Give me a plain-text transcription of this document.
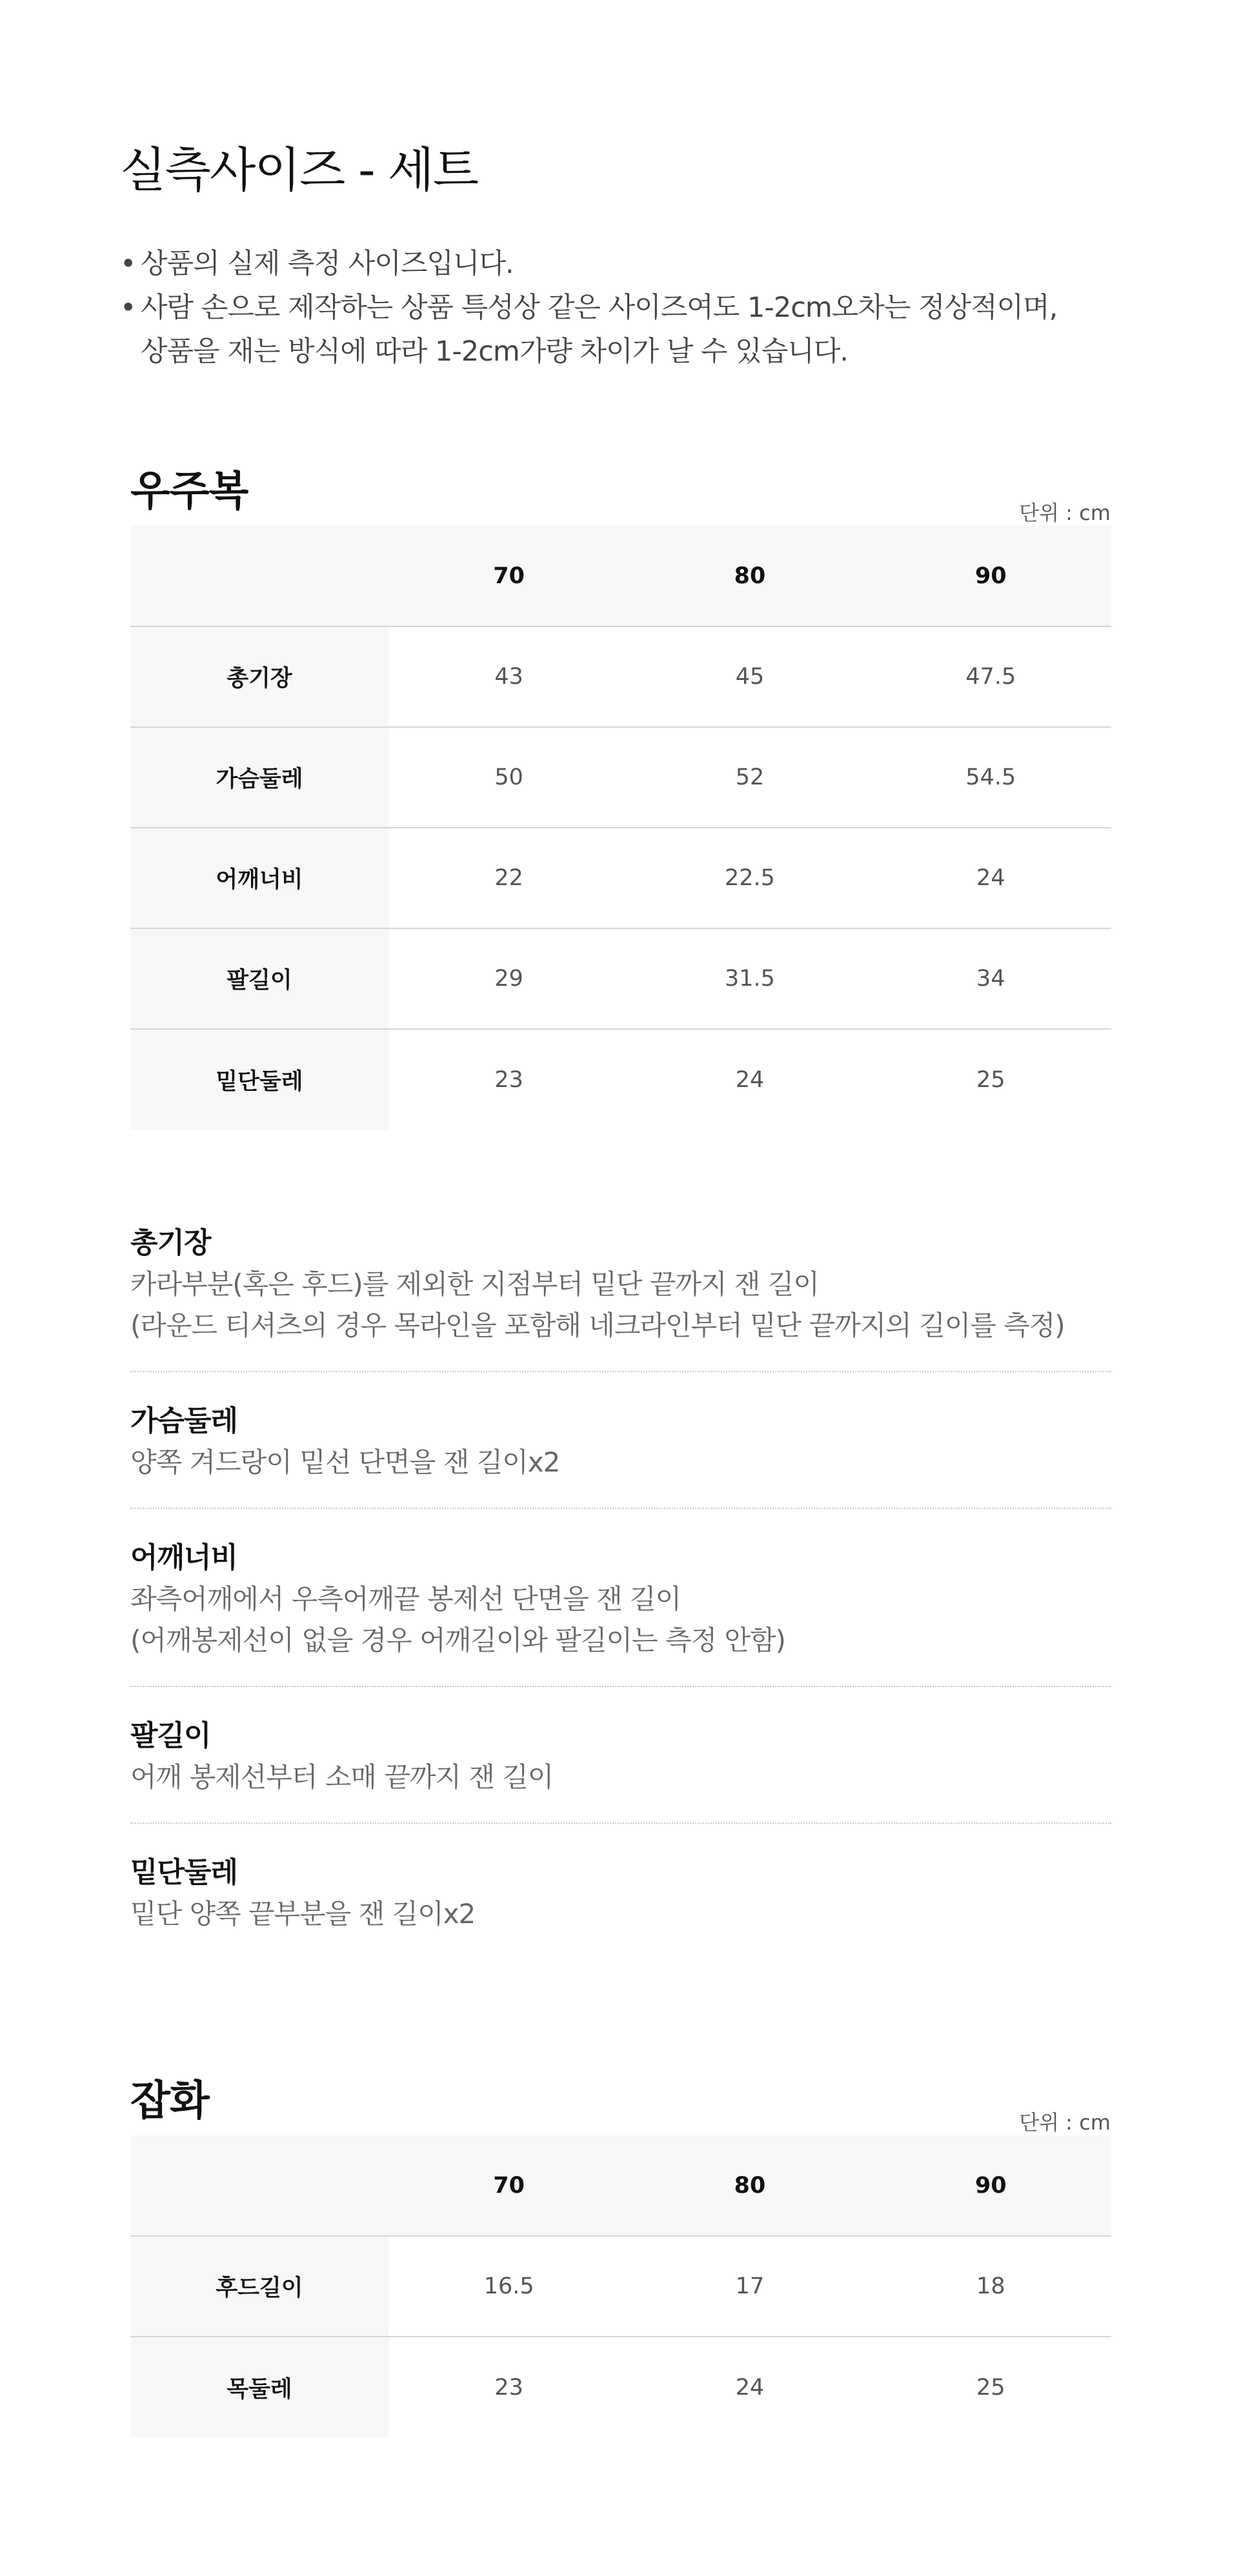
실측사이즈 - 세트
• 상품의 실제 측정 사이즈입니다.
• 사람 손으로 제작하는 상품 특성상 같은 사이즈여도 1-2cm오차는 정상적이며,
상품을 재는 방식에 따라 1-2cm가량 차이가 날 수 있습니다.
우주복	단위 : cm
	70	80	90
총기장	43	45	47.5
가슴둘레	50	52	54.5
어깨너비	22	22.5	24
팔길이	29	31.5	34
밑단둘레	23	24	25
총기장
카라부분(혹은 후드)를 제외한 지점부터 밑단 끝까지 잰 길이
(라운드 티셔츠의 경우 목라인을 포함해 네크라인부터 밑단 끝까지의 길이를 측정)
가슴둘레
양쪽 겨드랑이 밑선 단면을 잰 길이x2
어깨너비
좌측어깨에서 우측어깨끝 봉제선 단면을 잰 길이
(어깨봉제선이 없을 경우 어깨길이와 팔길이는 측정 안함)
팔길이
어깨 봉제선부터 소매 끝까지 잰 길이
밑단둘레
밑단 양쪽 끝부분을 잰 길이x2
잡화	단위 : cm
	70	80	90
후드길이	16.5	17	18
목둘레	23	24	25
